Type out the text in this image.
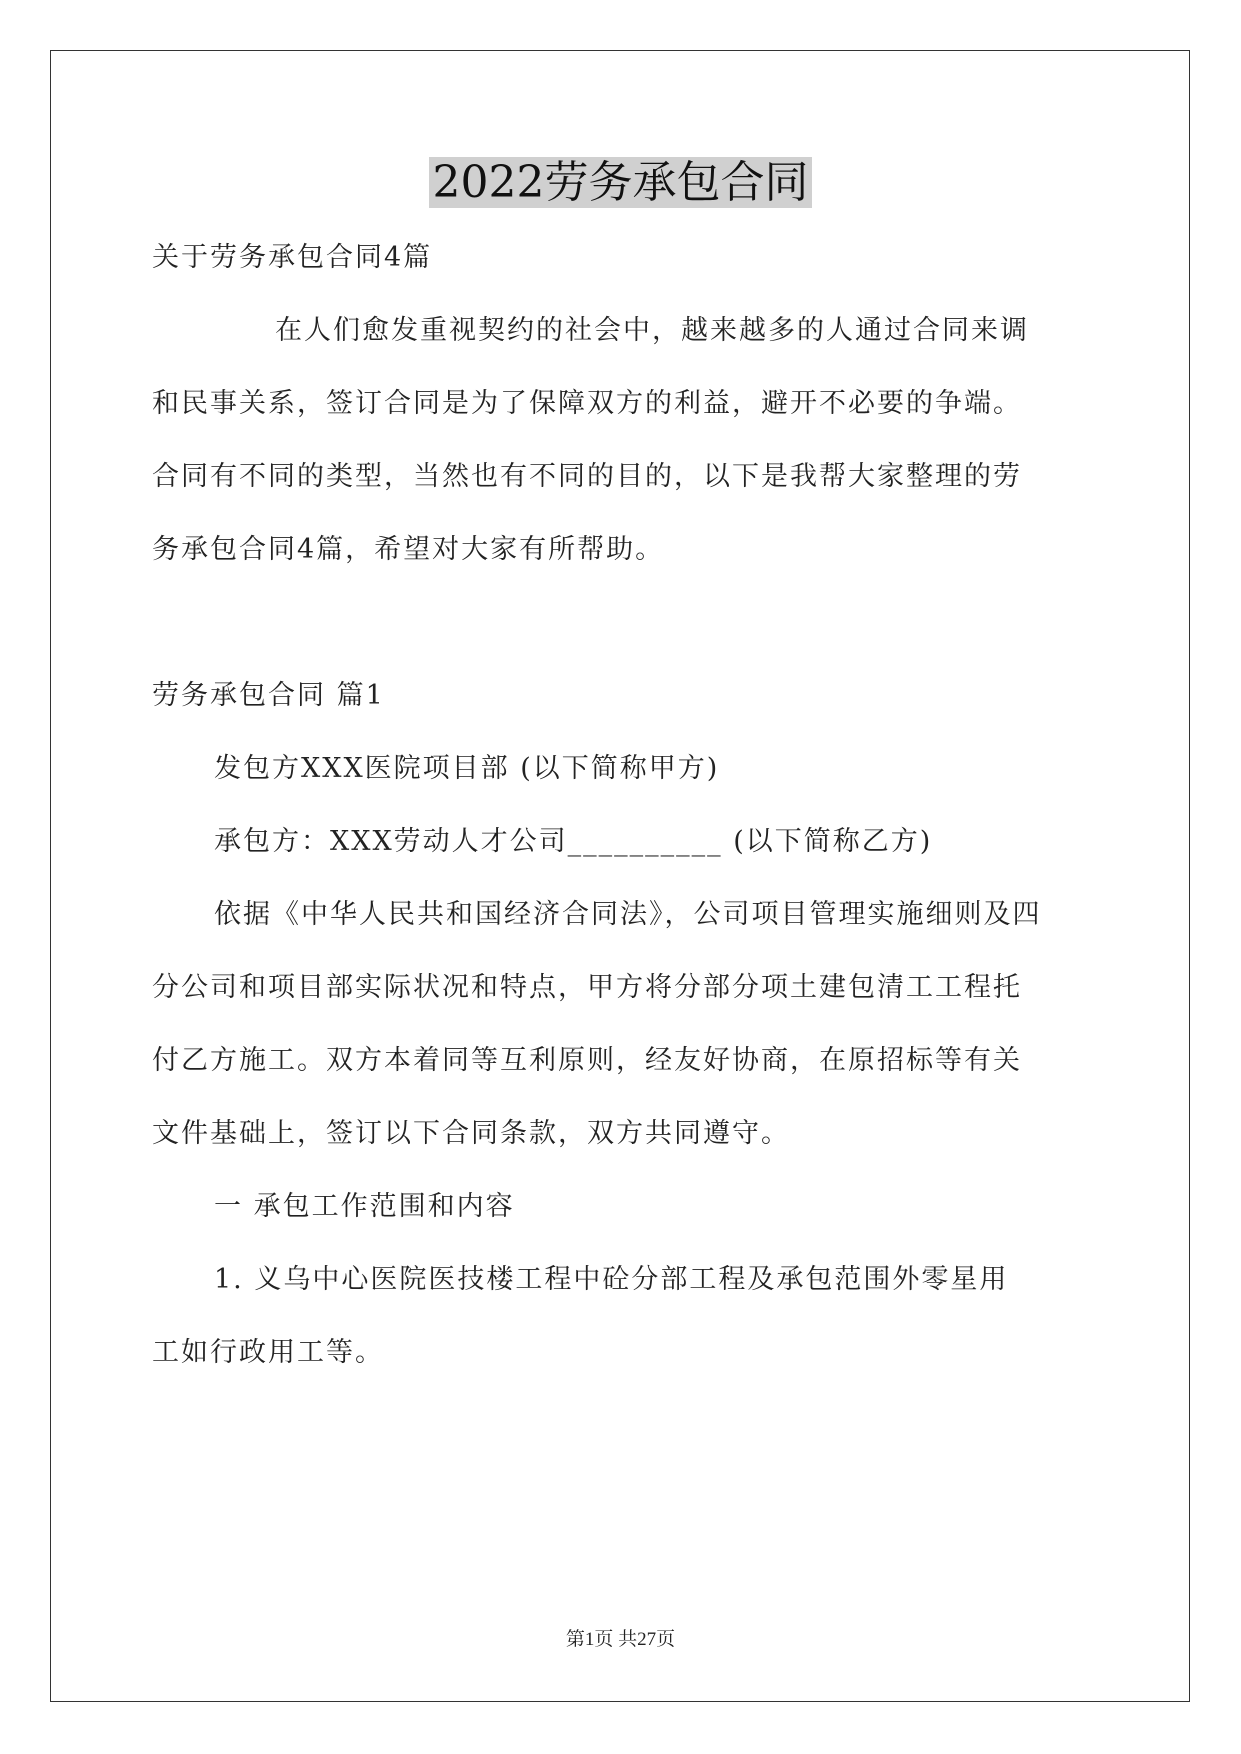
2022劳务承包合同
关于劳务承包合同4篇
在人们愈发重视契约的社会中，越来越多的人通过合同来调
和民事关系，签订合同是为了保障双方的利益，避开不必要的争端。
合同有不同的类型，当然也有不同的目的，以下是我帮大家整理的劳
务承包合同4篇，希望对大家有所帮助。
劳务承包合同 篇1
发包方XXX医院项目部 (以下简称甲方)
承包方：XXX劳动人才公司__________ (以下简称乙方)
依据《中华人民共和国经济合同法》，公司项目管理实施细则及四
分公司和项目部实际状况和特点，甲方将分部分项土建包清工工程托
付乙方施工。双方本着同等互利原则，经友好协商，在原招标等有关
文件基础上，签订以下合同条款，双方共同遵守。
一 承包工作范围和内容
1. 义乌中心医院医技楼工程中砼分部工程及承包范围外零星用
工如行政用工等。
第1页 共27页
